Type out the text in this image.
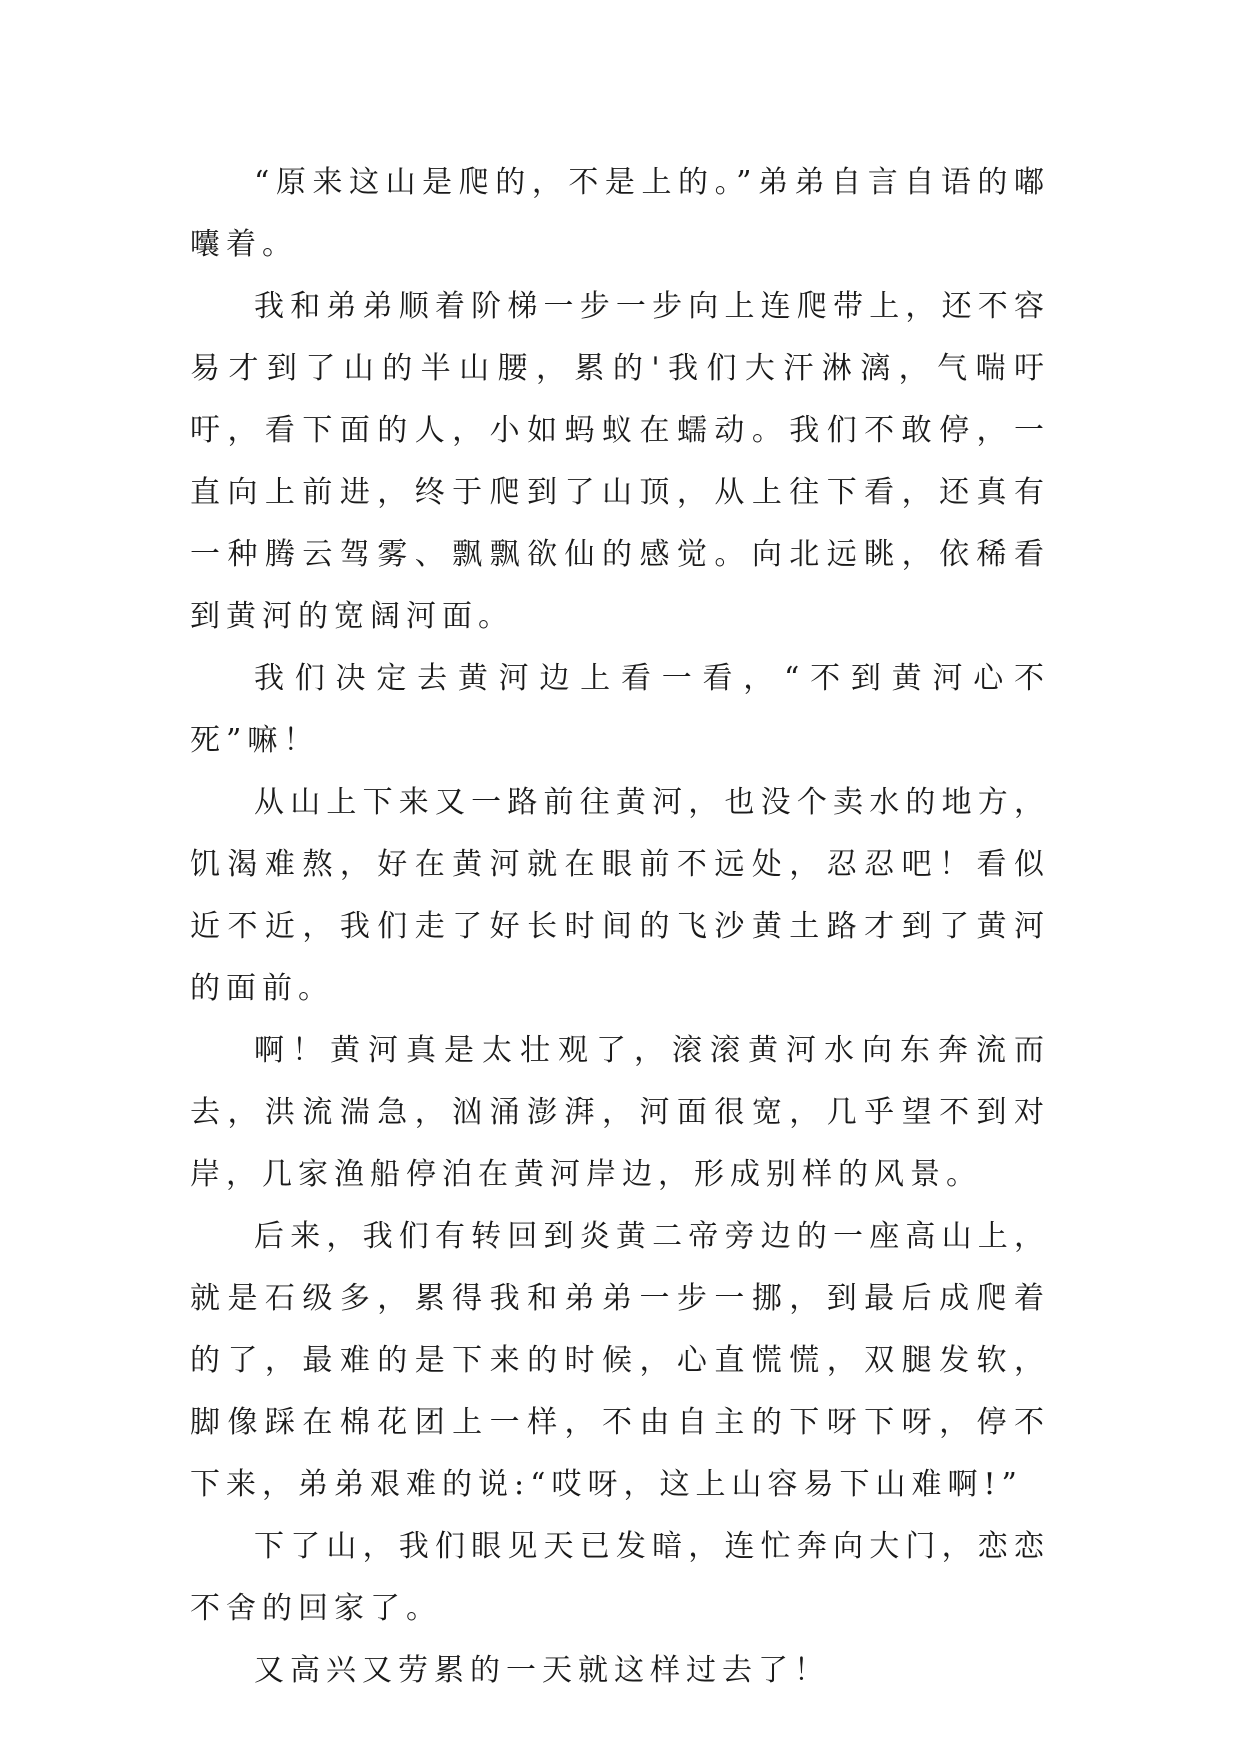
“原来这山是爬的，不是上的。”弟弟自言自语的嘟囔着。

我和弟弟顺着阶梯一步一步向上连爬带上，还不容易才到了山的半山腰，累的'我们大汗淋漓，气喘吁吁，看下面的人，小如蚂蚁在蠕动。我们不敢停，一直向上前进，终于爬到了山顶，从上往下看，还真有一种腾云驾雾、飘飘欲仙的感觉。向北远眺，依稀看到黄河的宽阔河面。

我们决定去黄河边上看一看，“不到黄河心不死”嘛！

从山上下来又一路前往黄河，也没个卖水的地方，饥渴难熬，好在黄河就在眼前不远处，忍忍吧！看似近不近，我们走了好长时间的飞沙黄土路才到了黄河的面前。

啊！黄河真是太壮观了，滚滚黄河水向东奔流而去，洪流湍急，汹涌澎湃，河面很宽，几乎望不到对岸，几家渔船停泊在黄河岸边，形成别样的风景。

后来，我们有转回到炎黄二帝旁边的一座高山上，就是石级多，累得我和弟弟一步一挪，到最后成爬着的了，最难的是下来的时候，心直慌慌，双腿发软，脚像踩在棉花团上一样，不由自主的下呀下呀，停不下来，弟弟艰难的说:“哎呀，这上山容易下山难啊!”

下了山，我们眼见天已发暗，连忙奔向大门，恋恋不舍的回家了。

又高兴又劳累的一天就这样过去了！
